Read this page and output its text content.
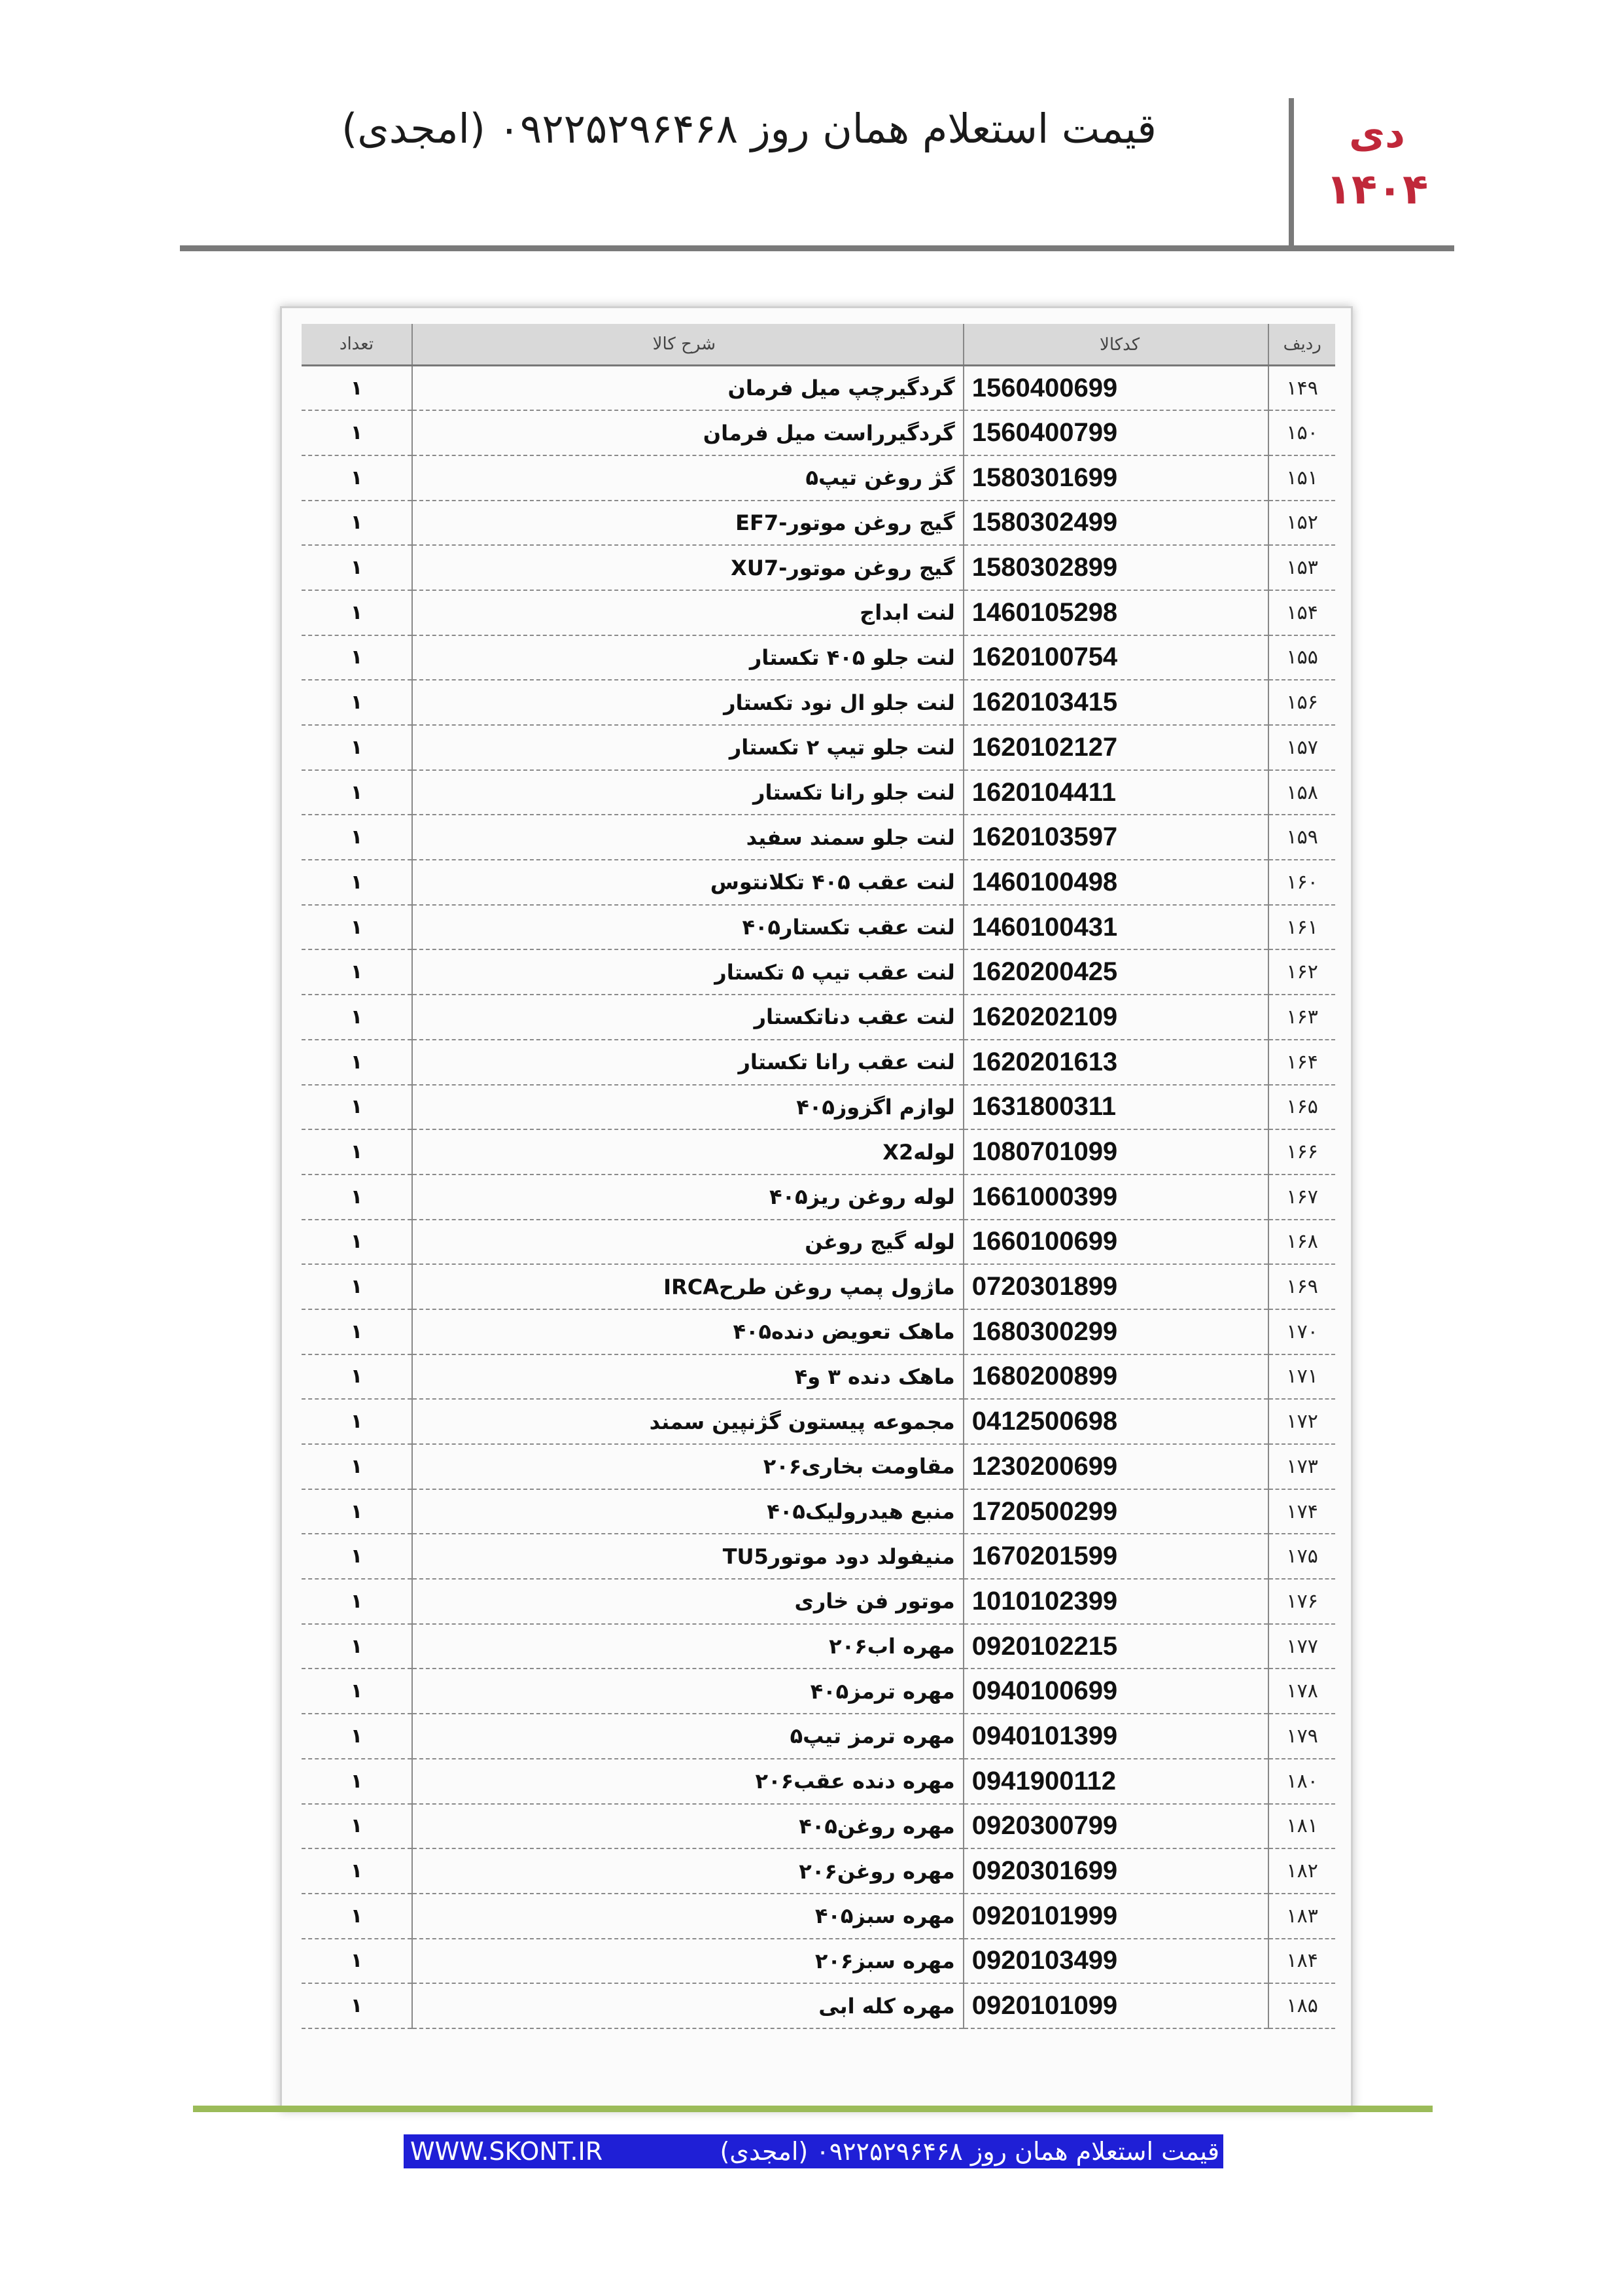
قیمت استعلام همان روز ۰۹۲۲۵۲۹۶۴۶۸ (امجدی)	دی
۱۴۰۴
ردیف	کدکالا	شرح کالا	تعداد
۱۴۹	1560400699	گردگیرچپ میل فرمان	۱
۱۵۰	1560400799	گردگیرراست میل فرمان	۱
۱۵۱	1580301699	گژ روغن تیپ۵	۱
۱۵۲	1580302499	گیج روغن موتور-EF7	۱
۱۵۳	1580302899	گیج روغن موتور-XU7	۱
۱۵۴	1460105298	لنت ابداج	۱
۱۵۵	1620100754	لنت جلو ۴۰۵ تکستار	۱
۱۵۶	1620103415	لنت جلو ال نود تکستار	۱
۱۵۷	1620102127	لنت جلو تیپ ۲ تکستار	۱
۱۵۸	1620104411	لنت جلو رانا تکستار	۱
۱۵۹	1620103597	لنت جلو سمند سفید	۱
۱۶۰	1460100498	لنت عقب ۴۰۵ تکلانتوس	۱
۱۶۱	1460100431	لنت عقب تکستار۴۰۵	۱
۱۶۲	1620200425	لنت عقب تیپ ۵ تکستار	۱
۱۶۳	1620202109	لنت عقب دناتکستار	۱
۱۶۴	1620201613	لنت عقب رانا تکستار	۱
۱۶۵	1631800311	لوازم اگزوز۴۰۵	۱
۱۶۶	1080701099	لولهX2	۱
۱۶۷	1661000399	لوله روغن ریز۴۰۵	۱
۱۶۸	1660100699	لوله گیج روغن	۱
۱۶۹	0720301899	ماژول پمپ روغن طرحIRCA	۱
۱۷۰	1680300299	ماهک تعویض دنده۴۰۵	۱
۱۷۱	1680200899	ماهک دنده ۳ و۴	۱
۱۷۲	0412500698	مجموعه پیستون گژنپین سمند	۱
۱۷۳	1230200699	مقاومت بخاری۲۰۶	۱
۱۷۴	1720500299	منبع هیدرولیک۴۰۵	۱
۱۷۵	1670201599	منیفولد دود موتورTU5	۱
۱۷۶	1010102399	موتور فن خاری	۱
۱۷۷	0920102215	مهره اب۲۰۶	۱
۱۷۸	0940100699	مهره ترمز۴۰۵	۱
۱۷۹	0940101399	مهره ترمز تیپ۵	۱
۱۸۰	0941900112	مهره دنده عقب۲۰۶	۱
۱۸۱	0920300799	مهره روغن۴۰۵	۱
۱۸۲	0920301699	مهره روغن۲۰۶	۱
۱۸۳	0920101999	مهره سبز۴۰۵	۱
۱۸۴	0920103499	مهره سبز۲۰۶	۱
۱۸۵	0920101099	مهره کله ابی	۱
WWW.SKONT.IR	قیمت استعلام همان روز ۰۹۲۲۵۲۹۶۴۶۸ (امجدی)
